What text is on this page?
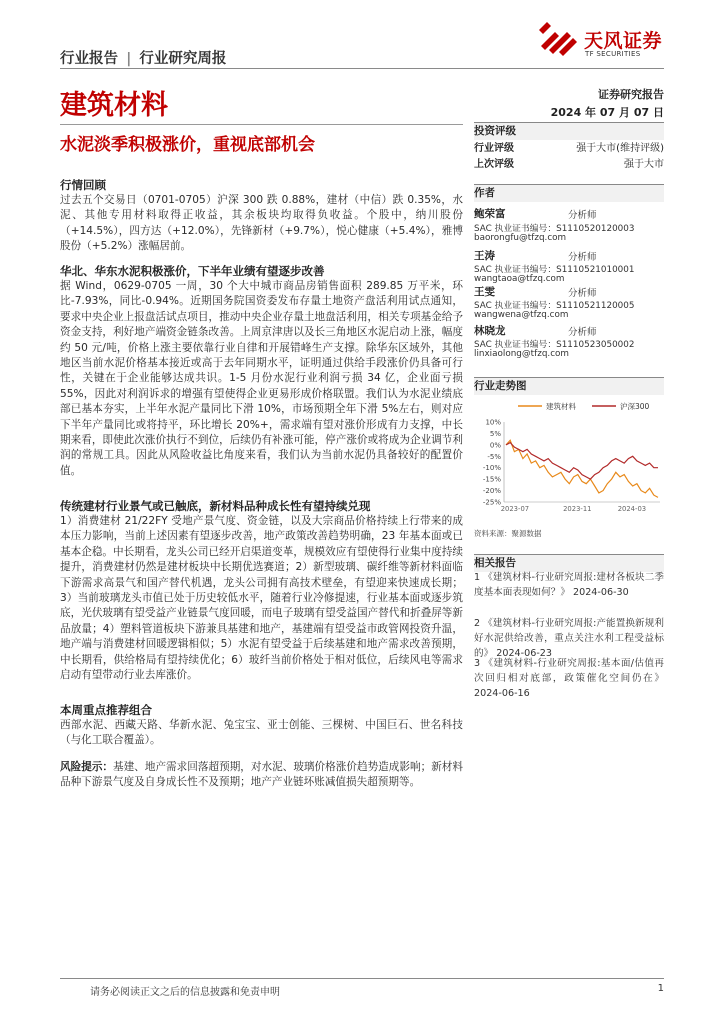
行业报告 | 行业研究周报
天风证券
TF SECURITIES
建筑材料	证券研究报告
2024 年 07 月 07 日
水泥淡季积极涨价，重视底部机会
投资评级
行业评级	强于大市(维持评级)
上次评级	强于大市
作者
鲍荣富	分析师
SAC 执业证书编号：S1110520120003
baorongfu@tfzq.com
王涛	分析师
SAC 执业证书编号：S1110521010001
wangtaoa@tfzq.com
王雯	分析师
SAC 执业证书编号：S1110521120005
wangwena@tfzq.com
林晓龙	分析师
SAC 执业证书编号：S1110523050002
linxiaolong@tfzq.com
行业走势图
建筑材料	沪深300
10%
5%
0%
-5%
-10%
-15%
-20%
-25%
2023-07	2023-11	2024-03
资料来源：聚源数据
相关报告
1 《建筑材料-行业研究周报:建材各板块二季度基本面表现如何？》 2024-06-30
2 《建筑材料-行业研究周报:产能置换新规利好水泥供给改善，重点关注水利工程受益标的》 2024-06-23
3 《建筑材料-行业研究周报:基本面/估值再次回归相对底部，政策催化空间仍在》 2024-06-16
行情回顾

过去五个交易日（0701-0705）沪深 300 跌 0.88%，建材（中信）跌 0.35%，水泥、其他专用材料取得正收益，其余板块均取得负收益。个股中，纳川股份（+14.5%），四方达（+12.0%），先锋新材（+9.7%），悦心健康（+5.4%），雅博股份（+5.2%）涨幅居前。

华北、华东水泥积极涨价，下半年业绩有望逐步改善

据 Wind，0629-0705 一周，30 个大中城市商品房销售面积 289.85 万平米，环比-7.93%，同比-0.94%。近期国务院国资委发布存量土地资产盘活利用试点通知，要求中央企业上报盘活试点项目，推动中央企业存量土地盘活利用，相关专项基金给予资金支持，利好地产端资金链条改善。上周京津唐以及长三角地区水泥启动上涨，幅度约 50 元/吨，价格上涨主要依靠行业自律和开展错峰生产支撑。除华东区域外，其他地区当前水泥价格基本接近或高于去年同期水平，证明通过供给手段涨价仍具备可行性，关键在于企业能够达成共识。1-5 月份水泥行业利润亏损 34 亿，企业面亏损 55%，因此对利润诉求的增强有望使得企业更易形成价格联盟。我们认为水泥业绩底部已基本夯实，上半年水泥产量同比下滑 10%，市场预期全年下滑 5%左右，则对应下半年产量同比或将持平，环比增长 20%+，需求端有望对涨价形成有力支撑，中长期来看，即使此次涨价执行不到位，后续仍有补涨可能，停产涨价或将成为企业调节利润的常规工具。因此从风险收益比角度来看，我们认为当前水泥仍具备较好的配置价值。

传统建材行业景气或已触底，新材料品种成长性有望持续兑现

1）消费建材 21/22FY 受地产景气度、资金链，以及大宗商品价格持续上行带来的成本压力影响，当前上述因素有望逐步改善，地产政策改善趋势明确，23 年基本面或已基本企稳。中长期看，龙头公司已经开启渠道变革，规模效应有望使得行业集中度持续提升，消费建材仍然是建材板块中长期优选赛道；2）新型玻璃、碳纤维等新材料面临下游需求高景气和国产替代机遇，龙头公司拥有高技术壁垒，有望迎来快速成长期；3）当前玻璃龙头市值已处于历史较低水平，随着行业冷修提速，行业基本面或逐步筑底，光伏玻璃有望受益产业链景气度回暖，而电子玻璃有望受益国产替代和折叠屏等新品放量；4）塑料管道板块下游兼具基建和地产，基建端有望受益市政管网投资升温，地产端与消费建材回暖逻辑相似；5）水泥有望受益于后续基建和地产需求改善预期，中长期看，供给格局有望持续优化；6）玻纤当前价格处于相对低位，后续风电等需求启动有望带动行业去库涨价。

本周重点推荐组合

西部水泥、西藏天路、华新水泥、兔宝宝、亚士创能、三棵树、中国巨石、世名科技（与化工联合覆盖）。

风险提示：基建、地产需求回落超预期，对水泥、玻璃价格涨价趋势造成影响；新材料品种下游景气度及自身成长性不及预期；地产产业链坏账减值损失超预期等。

请务必阅读正文之后的信息披露和免责申明	1
